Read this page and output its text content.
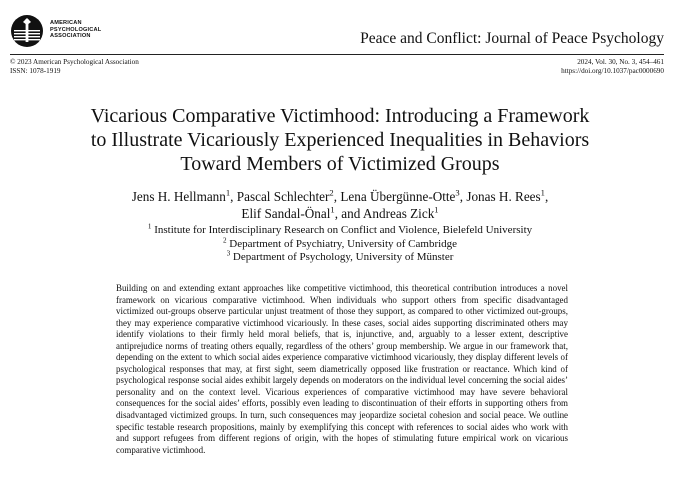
AMERICAN
PSYCHOLOGICAL
ASSOCIATION	Peace and Conflict: Journal of Peace Psychology
© 2023 American Psychological Association
ISSN: 1078-1919
2024, Vol. 30, No. 3, 454–461
https://doi.org/10.1037/pac0000690
Vicarious Comparative Victimhood: Introducing a Framework
to Illustrate Vicariously Experienced Inequalities in Behaviors
Toward Members of Victimized Groups
Jens H. Hellmann$^1$, Pascal Schlechter$^2$, Lena Übergünne-Otte$^3$, Jonas H. Rees$^1$,
Elif Sandal-Önal$^1$, and Andreas Zick$^1$
$^1$ Institute for Interdisciplinary Research on Conflict and Violence, Bielefeld University
$^2$ Department of Psychiatry, University of Cambridge
$^3$ Department of Psychology, University of Münster
Building on and extending extant approaches like competitive victimhood, this theoretical contribution introduces a novel framework on vicarious comparative victimhood. When individuals who support others from specific disadvantaged victimized out-groups observe particular unjust treatment of those they support, as compared to other victimized out-groups, they may experience comparative victimhood vicariously. In these cases, social aides supporting discriminated others may identify violations to their firmly held moral beliefs, that is, injunctive, and, arguably to a lesser extent, descriptive antiprejudice norms of treating others equally, regardless of the others’ group membership. We argue in our framework that, depending on the extent to which social aides experience comparative victimhood vicariously, they display different levels of psychological responses that may, at first sight, seem diametrically opposed like frustration or reactance. Which kind of psychological response social aides exhibit largely depends on moderators on the individual level concerning the social aides’ personality and on the context level. Vicarious experiences of comparative victimhood may have severe behavioral consequences for the social aides’ efforts, possibly even leading to discontinuation of their efforts in supporting others from disadvantaged victimized groups. In turn, such consequences may jeopardize societal cohesion and social peace. We outline specific testable research propositions, mainly by exemplifying this concept with references to social aides who work with and support refugees from different regions of origin, with the hopes of stimulating future empirical work on vicarious comparative victimhood.
